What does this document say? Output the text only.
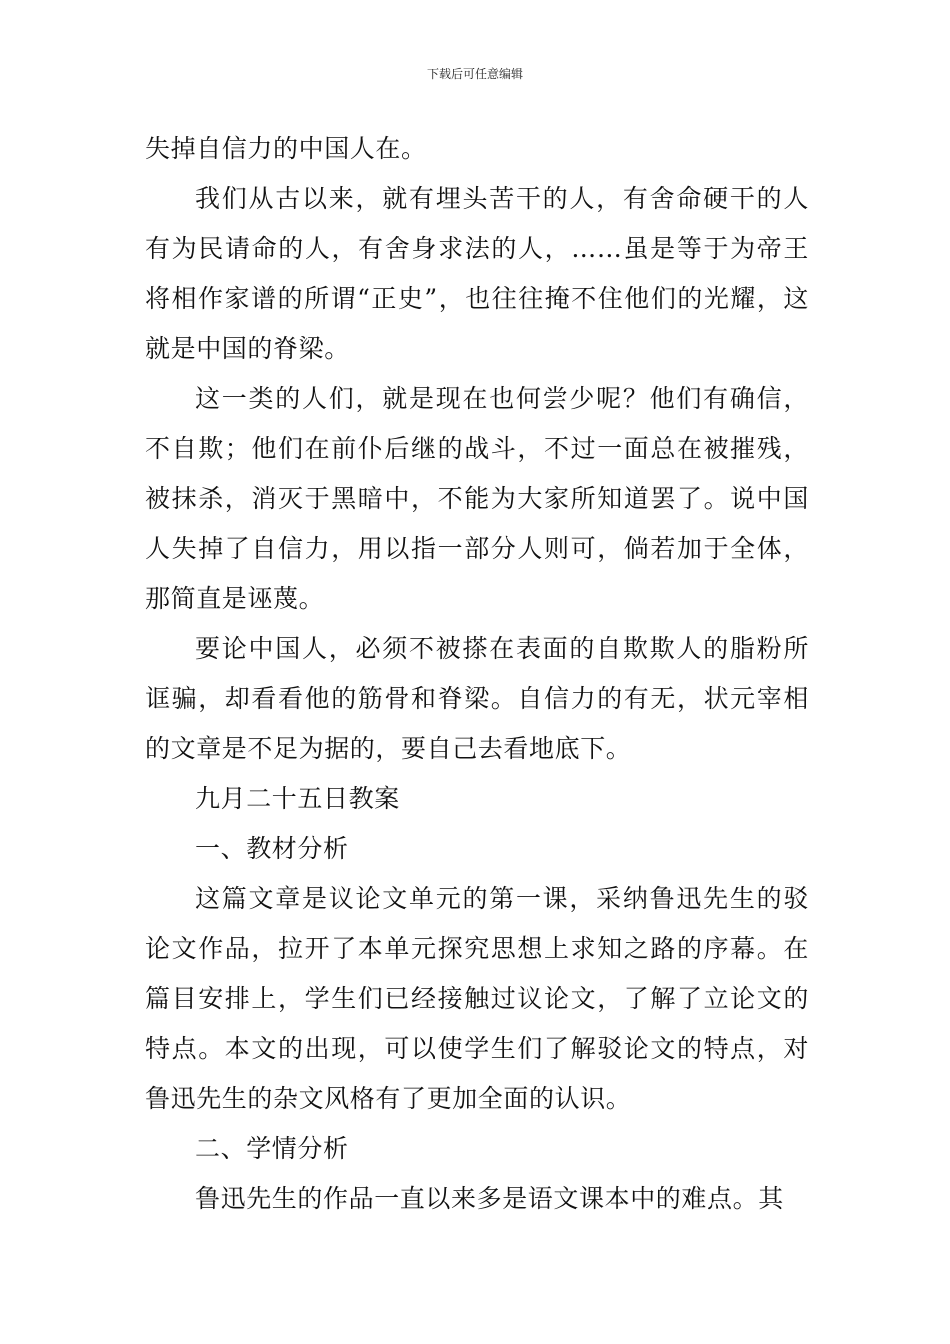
下载后可任意编辑

失掉自信力的中国人在。

我们从古以来，就有埋头苦干的人，有舍命硬干的人有为民请命的人，有舍身求法的人，……虽是等于为帝王将相作家谱的所谓“正史”，也往往掩不住他们的光耀，这就是中国的脊梁。

这一类的人们，就是现在也何尝少呢？他们有确信，不自欺；他们在前仆后继的战斗，不过一面总在被摧残，被抹杀，消灭于黑暗中，不能为大家所知道罢了。说中国人失掉了自信力，用以指一部分人则可，倘若加于全体，那简直是诬蔑。

要论中国人，必须不被搽在表面的自欺欺人的脂粉所诓骗，却看看他的筋骨和脊梁。自信力的有无，状元宰相的文章是不足为据的，要自己去看地底下。

九月二十五日教案

一、教材分析

这篇文章是议论文单元的第一课，采纳鲁迅先生的驳论文作品，拉开了本单元探究思想上求知之路的序幕。在篇目安排上，学生们已经接触过议论文，了解了立论文的特点。本文的出现，可以使学生们了解驳论文的特点，对鲁迅先生的杂文风格有了更加全面的认识。

二、学情分析

鲁迅先生的作品一直以来多是语文课本中的难点。其
